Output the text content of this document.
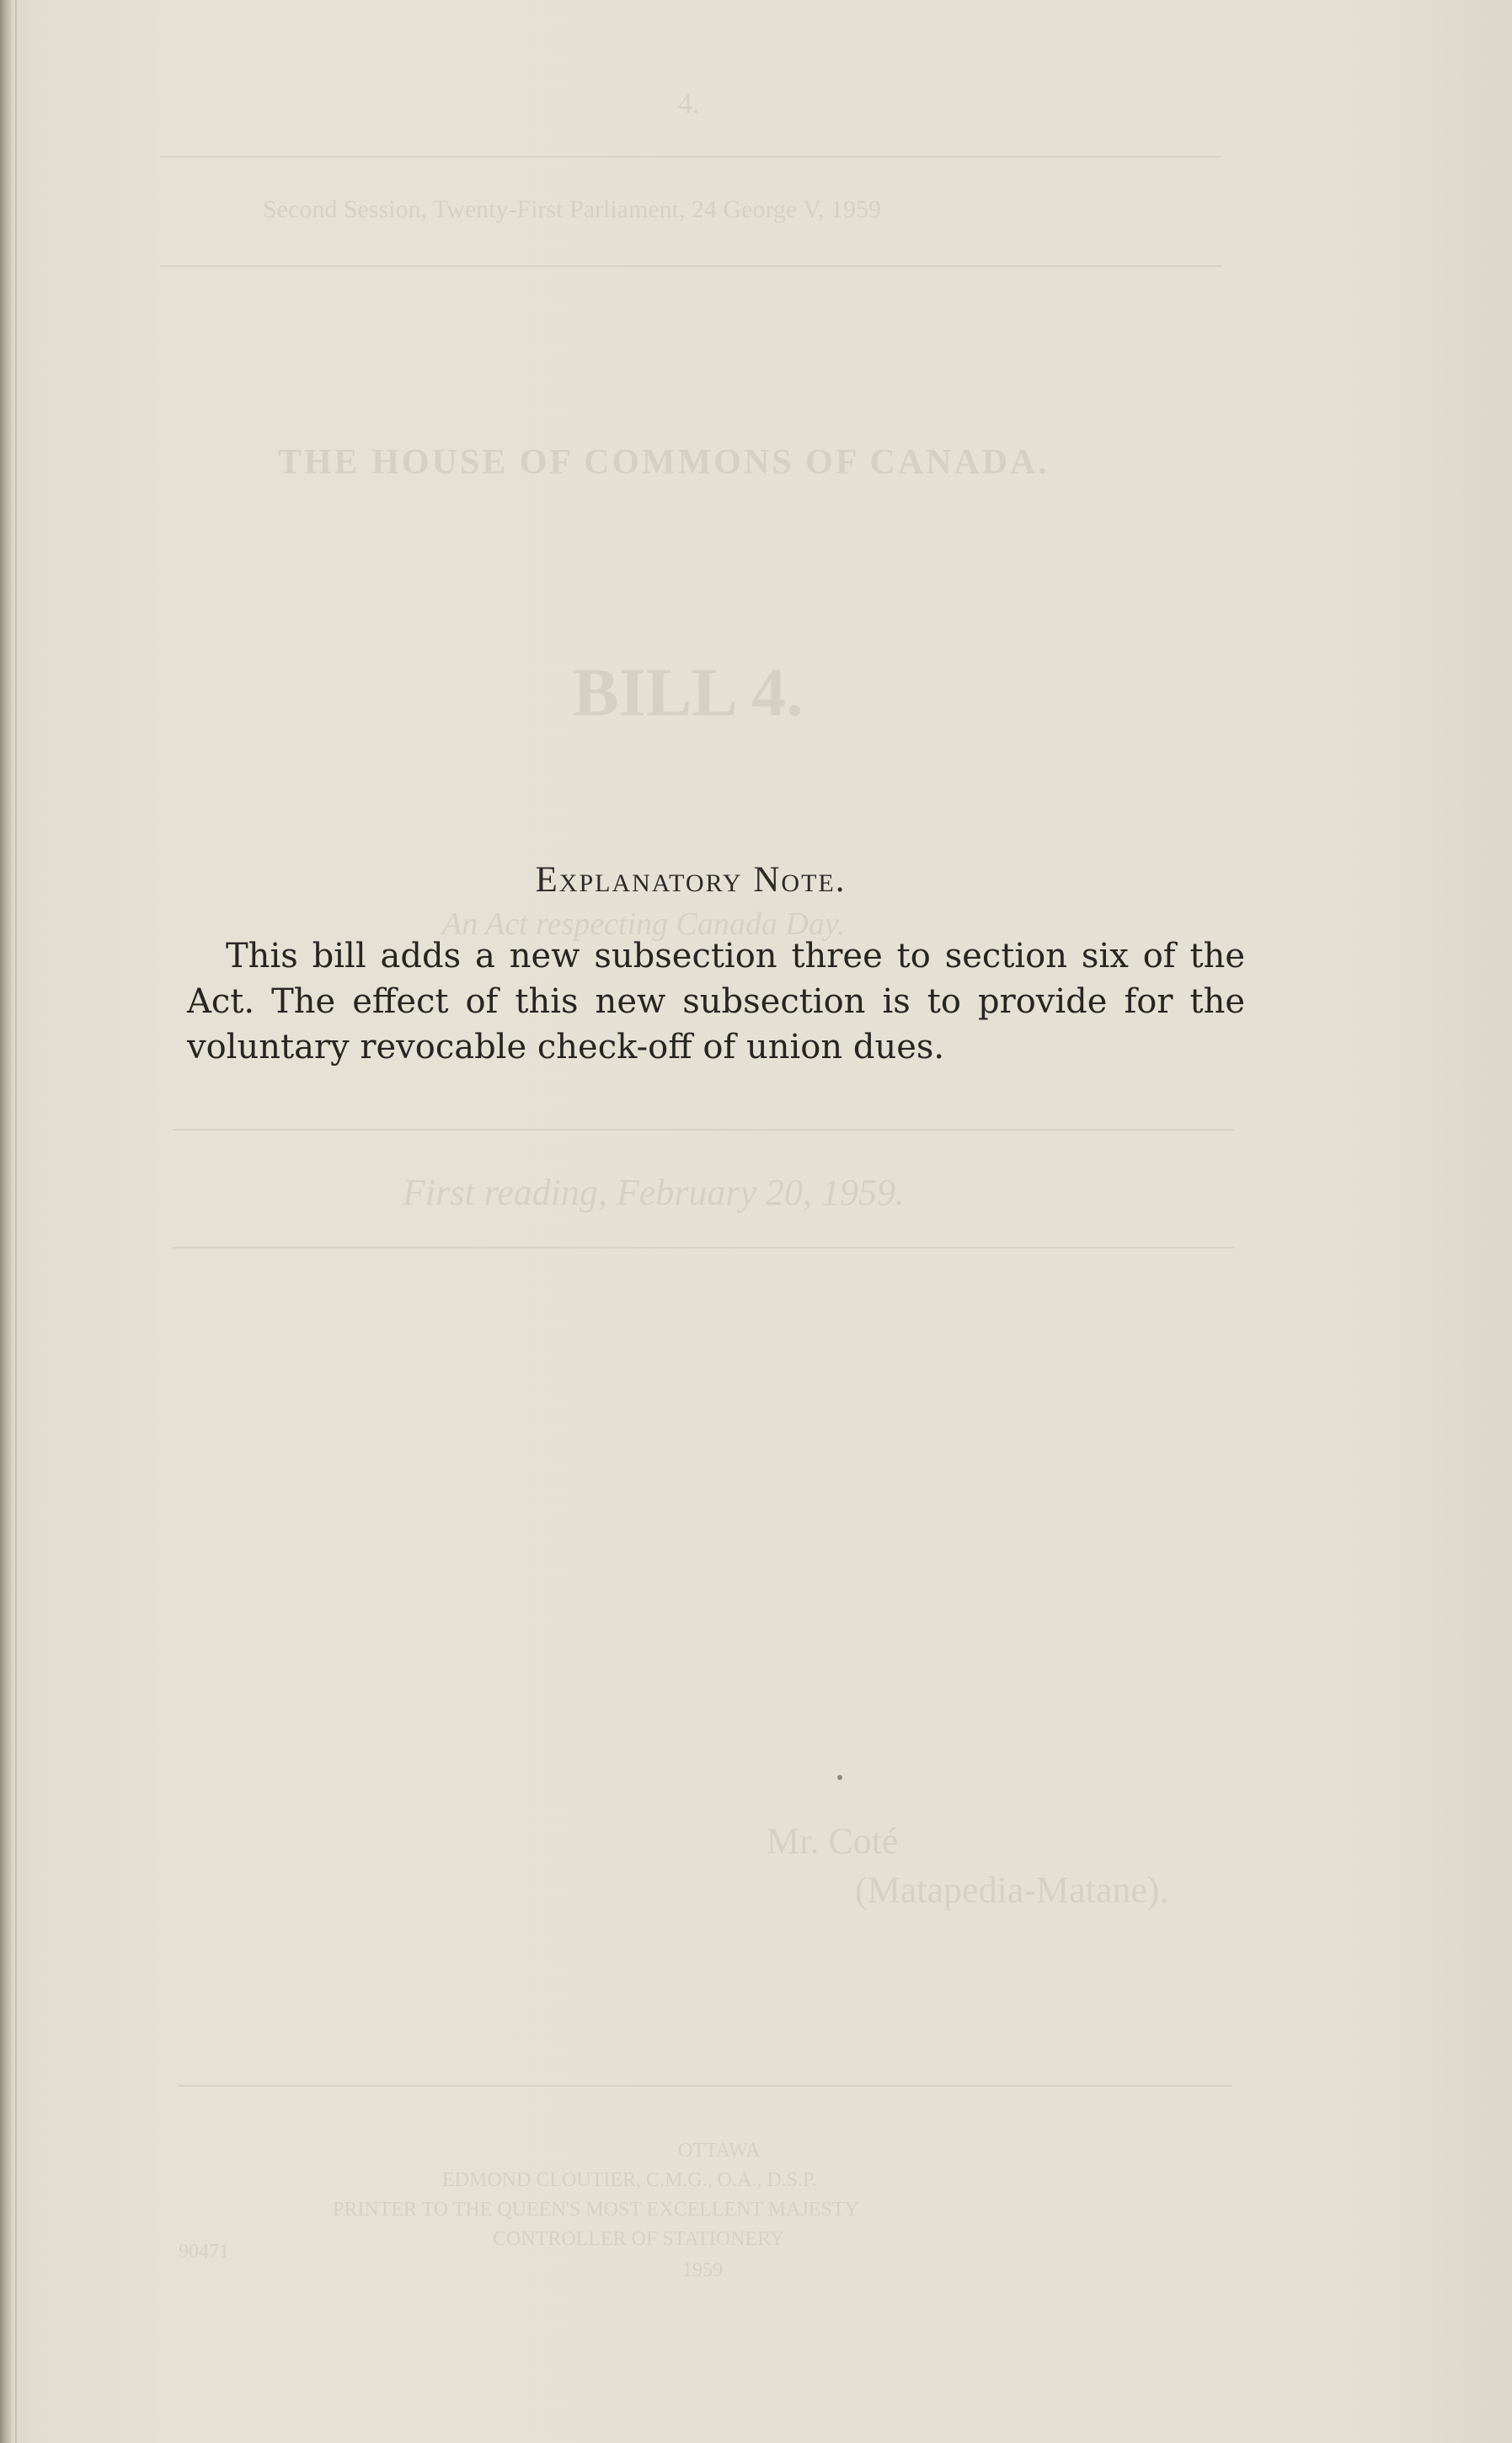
4.
Second Session, Twenty-First Parliament, 24 George V, 1959
THE HOUSE OF COMMONS OF CANADA.
BILL 4.
An Act respecting Canada Day.
First reading, February 20, 1959.
Mr. Coté
(Matapedia-Matane).
OTTAWA
EDMOND CLOUTIER, C.M.G., O.A., D.S.P.
PRINTER TO THE QUEEN'S MOST EXCELLENT MAJESTY
90471
CONTROLLER OF STATIONERY
1959
Explanatory Note.
This bill adds a new subsection three to section six of the Act. The effect of this new subsection is to provide for the voluntary revocable check-off of union dues.
